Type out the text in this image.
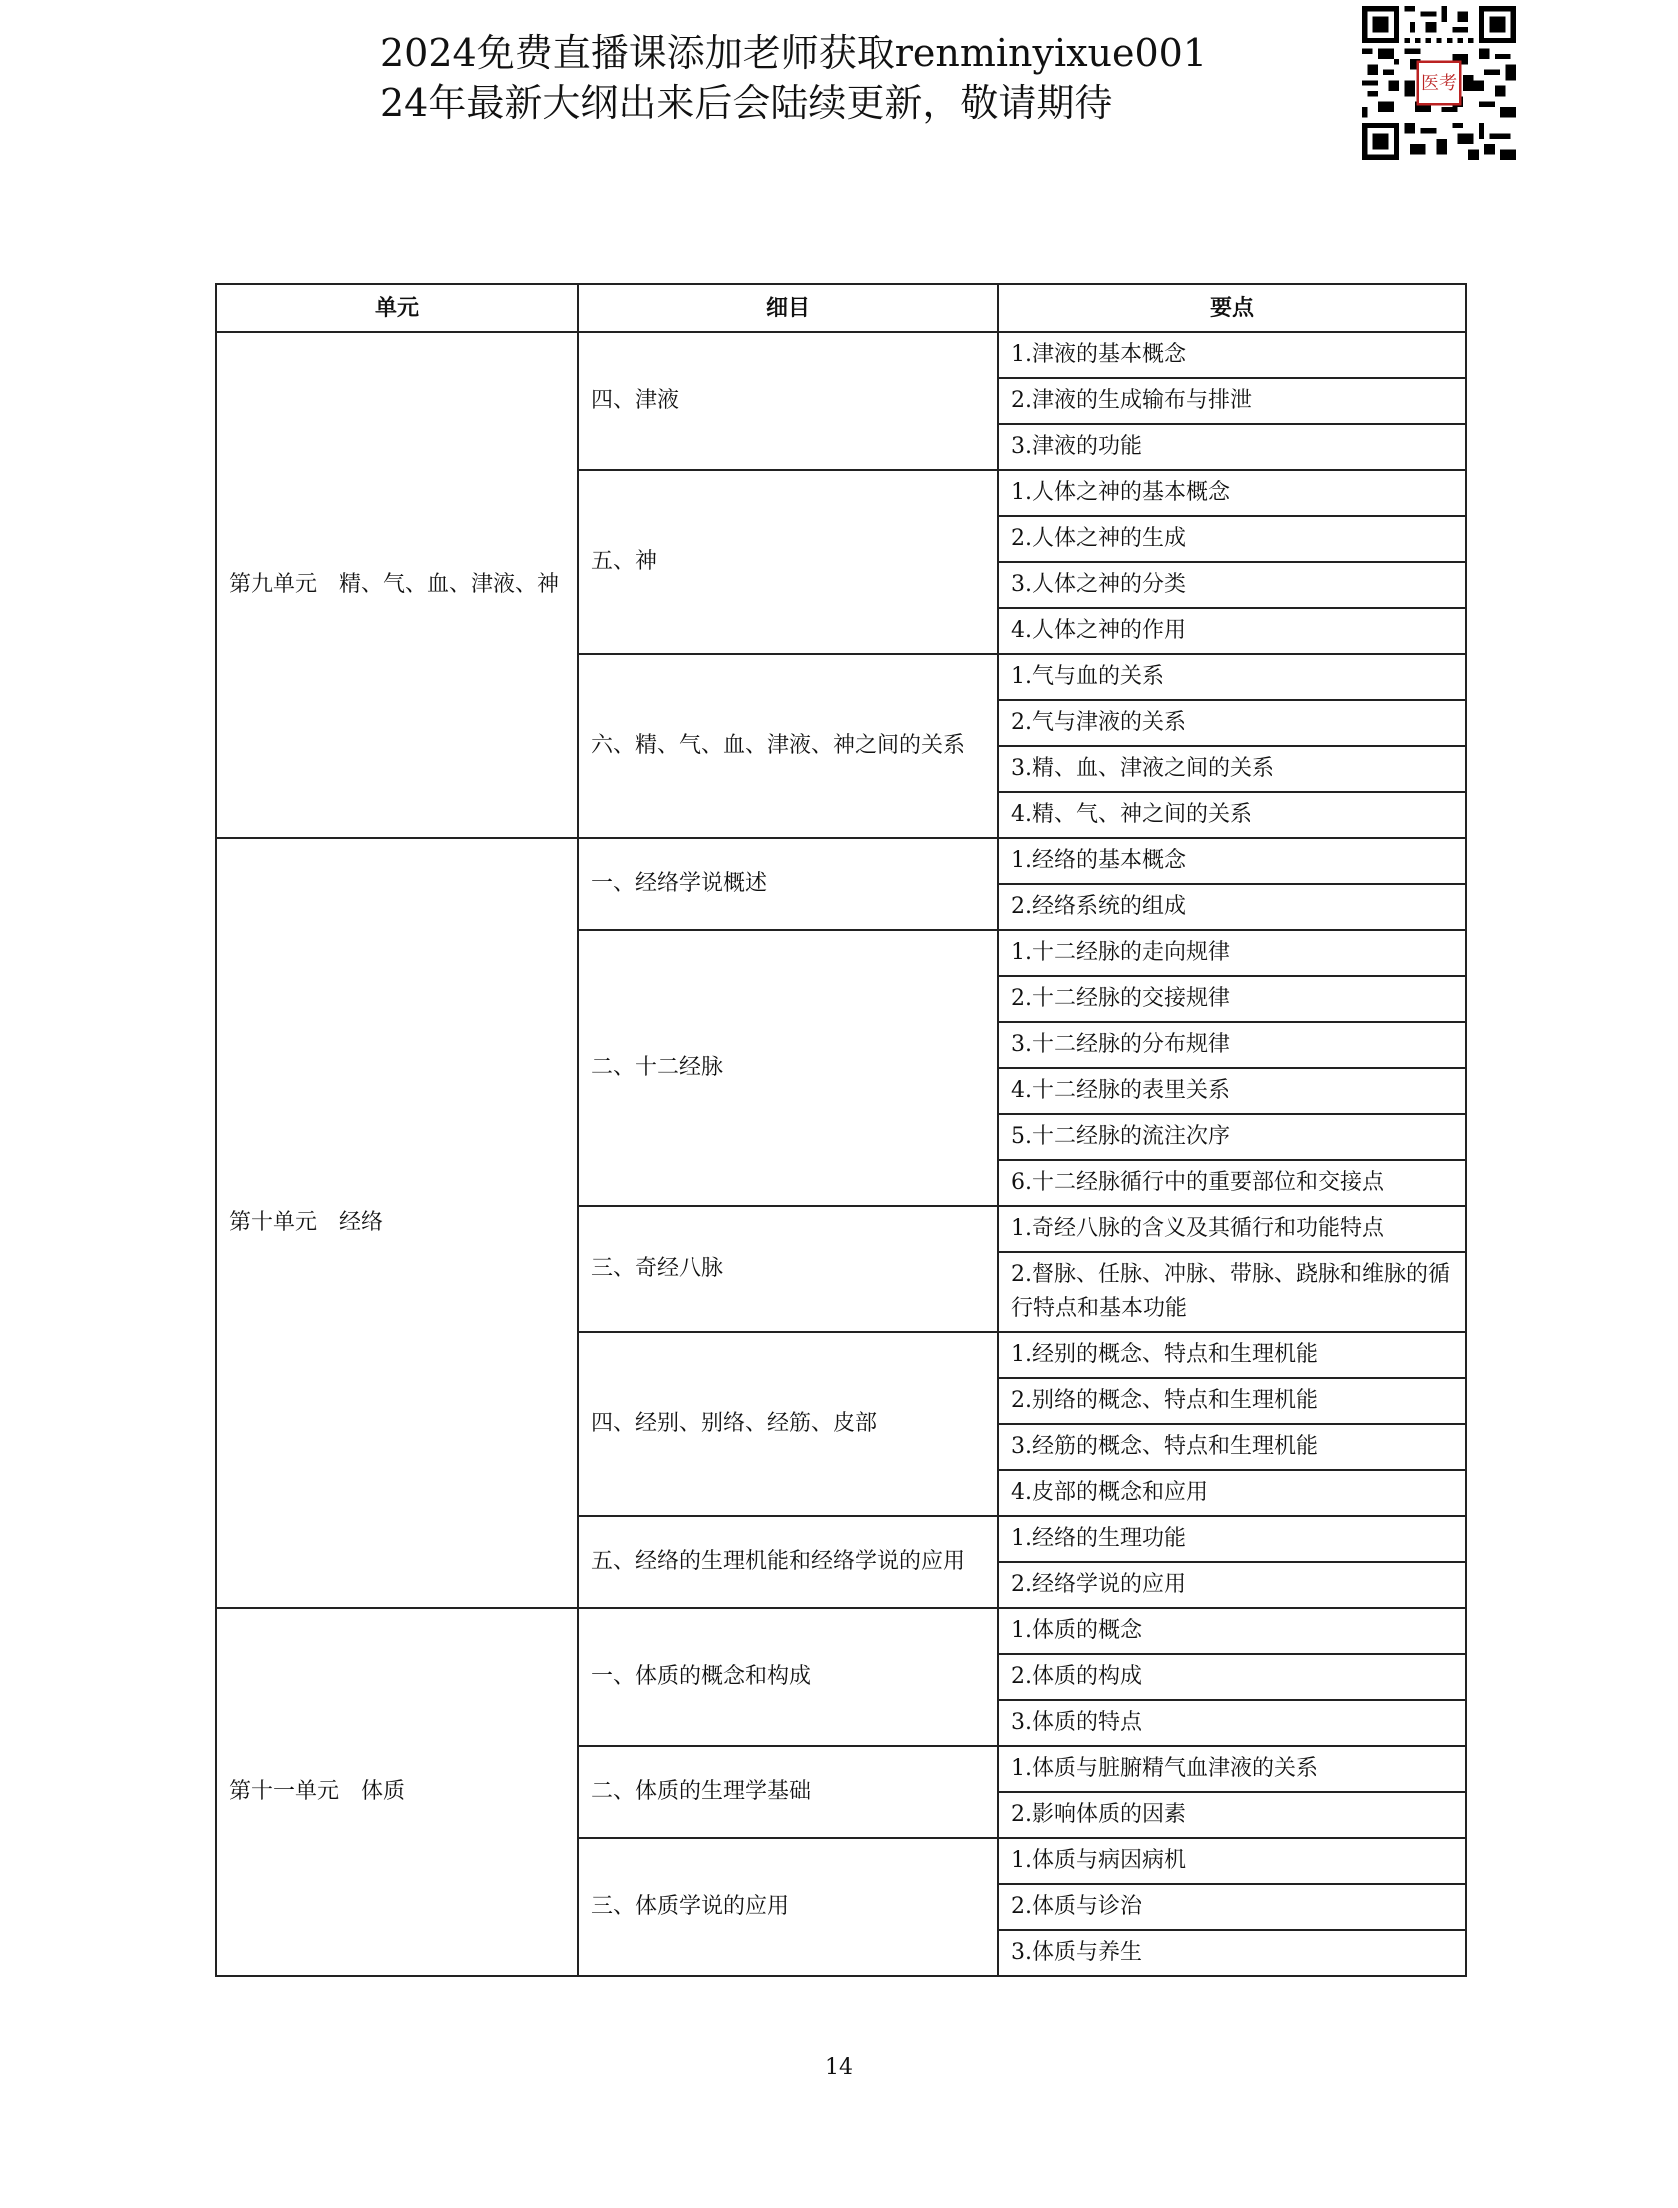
2024免费直播课添加老师获取renminyixue001
24年最新大纲出来后会陆续更新，敬请期待	医考
单元	细目	要点
第九单元　精、气、血、津液、神	四、津液	1.津液的基本概念
		2.津液的生成输布与排泄
		3.津液的功能
	五、神	1.人体之神的基本概念
		2.人体之神的生成
		3.人体之神的分类
		4.人体之神的作用
	六、精、气、血、津液、神之间的关系	1.气与血的关系
		2.气与津液的关系
		3.精、血、津液之间的关系
		4.精、气、神之间的关系
第十单元　经络	一、经络学说概述	1.经络的基本概念
		2.经络系统的组成
	二、十二经脉	1.十二经脉的走向规律
		2.十二经脉的交接规律
		3.十二经脉的分布规律
		4.十二经脉的表里关系
		5.十二经脉的流注次序
		6.十二经脉循行中的重要部位和交接点
	三、奇经八脉	1.奇经八脉的含义及其循行和功能特点
		2.督脉、任脉、冲脉、带脉、跷脉和维脉的循行特点和基本功能
	四、经别、别络、经筋、皮部	1.经别的概念、特点和生理机能
		2.别络的概念、特点和生理机能
		3.经筋的概念、特点和生理机能
		4.皮部的概念和应用
	五、经络的生理机能和经络学说的应用	1.经络的生理功能
		2.经络学说的应用
第十一单元　体质	一、体质的概念和构成	1.体质的概念
		2.体质的构成
		3.体质的特点
	二、体质的生理学基础	1.体质与脏腑精气血津液的关系
		2.影响体质的因素
	三、体质学说的应用	1.体质与病因病机
		2.体质与诊治
		3.体质与养生
14
